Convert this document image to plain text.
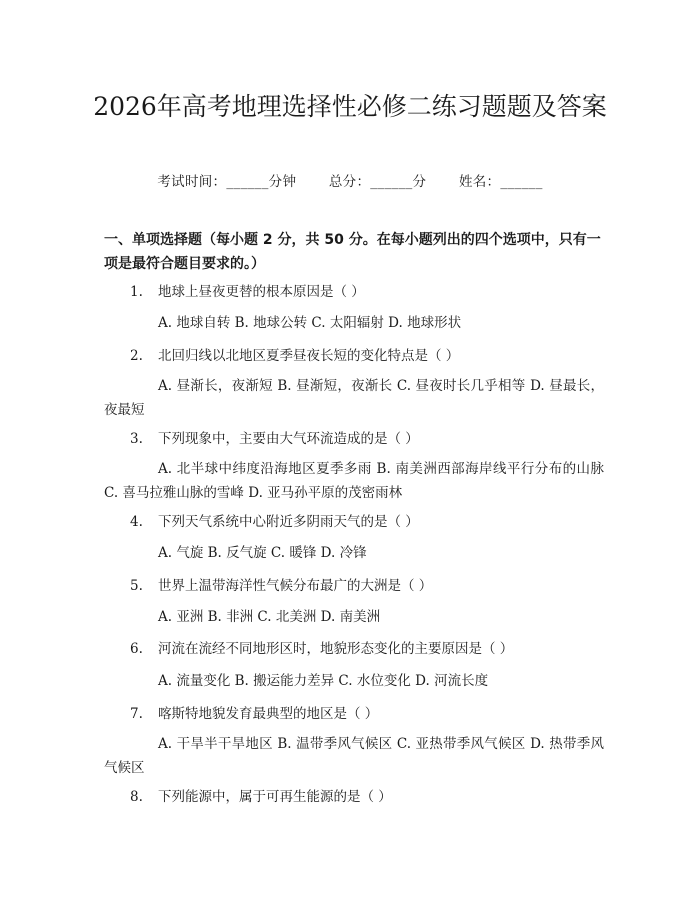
2026年高考地理选择性必修二练习题题及答案
考试时间：______分钟 总分：______分 姓名：______
一、单项选择题（每小题 2 分，共 50 分。在每小题列出的四个选项中，只有一项是最符合题目要求的。）
1. 地球上昼夜更替的根本原因是（ ）
A. 地球自转 B. 地球公转 C. 太阳辐射 D. 地球形状
2. 北回归线以北地区夏季昼夜长短的变化特点是（ ）
A. 昼渐长，夜渐短 B. 昼渐短，夜渐长 C. 昼夜时长几乎相等 D. 昼最长，夜最短
3. 下列现象中，主要由大气环流造成的是（ ）
A. 北半球中纬度沿海地区夏季多雨 B. 南美洲西部海岸线平行分布的山脉 C. 喜马拉雅山脉的雪峰 D. 亚马孙平原的茂密雨林
4. 下列天气系统中心附近多阴雨天气的是（ ）
A. 气旋 B. 反气旋 C. 暖锋 D. 冷锋
5. 世界上温带海洋性气候分布最广的大洲是（ ）
A. 亚洲 B. 非洲 C. 北美洲 D. 南美洲
6. 河流在流经不同地形区时，地貌形态变化的主要原因是（ ）
A. 流量变化 B. 搬运能力差异 C. 水位变化 D. 河流长度
7. 喀斯特地貌发育最典型的地区是（ ）
A. 干旱半干旱地区 B. 温带季风气候区 C. 亚热带季风气候区 D. 热带季风气候区
8. 下列能源中，属于可再生能源的是（ ）
